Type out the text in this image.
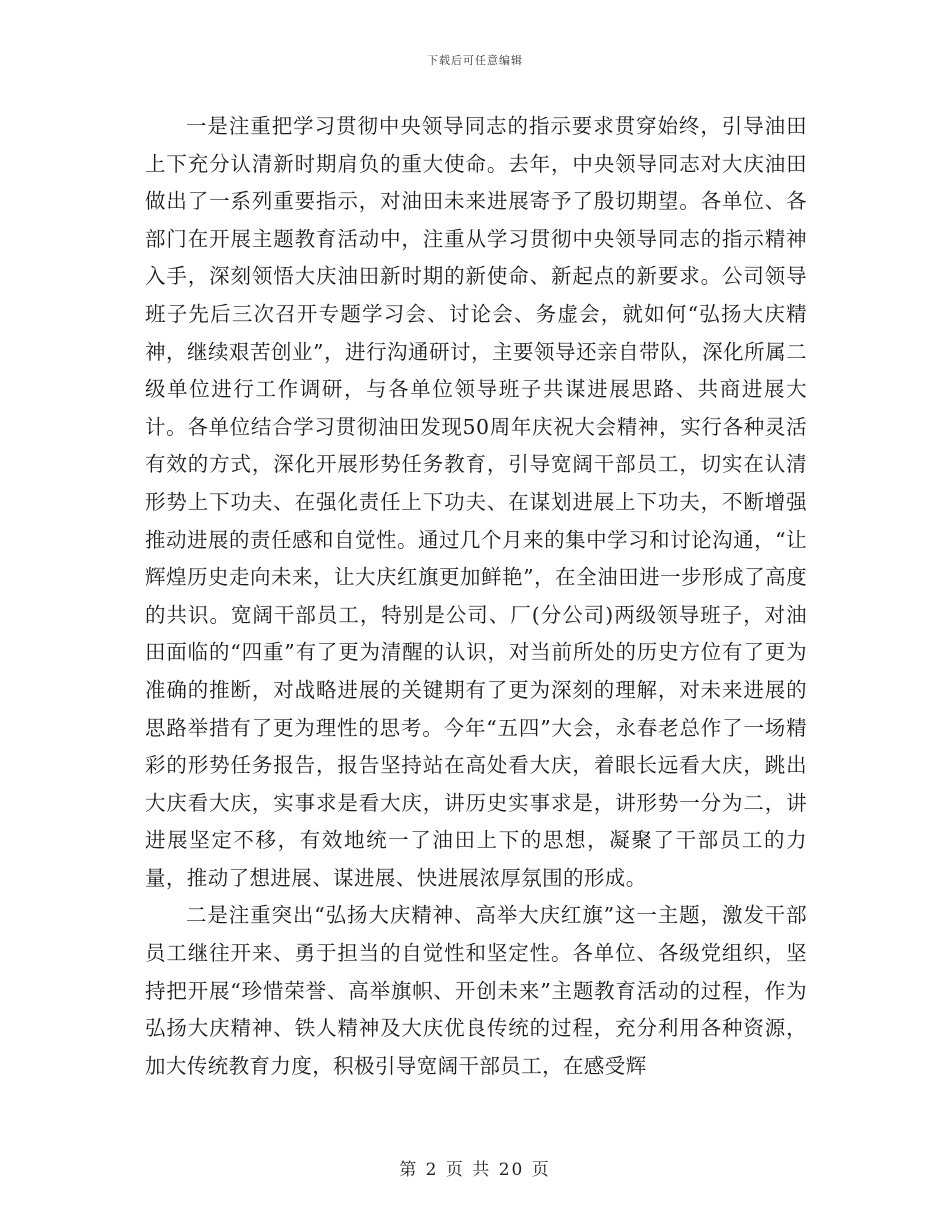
下载后可任意编辑

一是注重把学习贯彻中央领导同志的指示要求贯穿始终，引导油田上下充分认清新时期肩负的重大使命。去年，中央领导同志对大庆油田做出了一系列重要指示，对油田未来进展寄予了殷切期望。各单位、各部门在开展主题教育活动中，注重从学习贯彻中央领导同志的指示精神入手，深刻领悟大庆油田新时期的新使命、新起点的新要求。公司领导班子先后三次召开专题学习会、讨论会、务虚会，就如何“弘扬大庆精神，继续艰苦创业”，进行沟通研讨，主要领导还亲自带队，深化所属二级单位进行工作调研，与各单位领导班子共谋进展思路、共商进展大计。各单位结合学习贯彻油田发现50周年庆祝大会精神，实行各种灵活有效的方式，深化开展形势任务教育，引导宽阔干部员工，切实在认清形势上下功夫、在强化责任上下功夫、在谋划进展上下功夫，不断增强推动进展的责任感和自觉性。通过几个月来的集中学习和讨论沟通，“让辉煌历史走向未来，让大庆红旗更加鲜艳”，在全油田进一步形成了高度的共识。宽阔干部员工，特别是公司、厂(分公司)两级领导班子，对油田面临的“四重”有了更为清醒的认识，对当前所处的历史方位有了更为准确的推断，对战略进展的关键期有了更为深刻的理解，对未来进展的思路举措有了更为理性的思考。今年“五四”大会，永春老总作了一场精彩的形势任务报告，报告坚持站在高处看大庆，着眼长远看大庆，跳出大庆看大庆，实事求是看大庆，讲历史实事求是，讲形势一分为二，讲进展坚定不移，有效地统一了油田上下的思想，凝聚了干部员工的力量，推动了想进展、谋进展、快进展浓厚氛围的形成。

二是注重突出“弘扬大庆精神、高举大庆红旗”这一主题，激发干部员工继往开来、勇于担当的自觉性和坚定性。各单位、各级党组织，坚持把开展“珍惜荣誉、高举旗帜、开创未来”主题教育活动的过程，作为弘扬大庆精神、铁人精神及大庆优良传统的过程，充分利用各种资源，加大传统教育力度，积极引导宽阔干部员工，在感受辉

第 2 页 共 20 页
